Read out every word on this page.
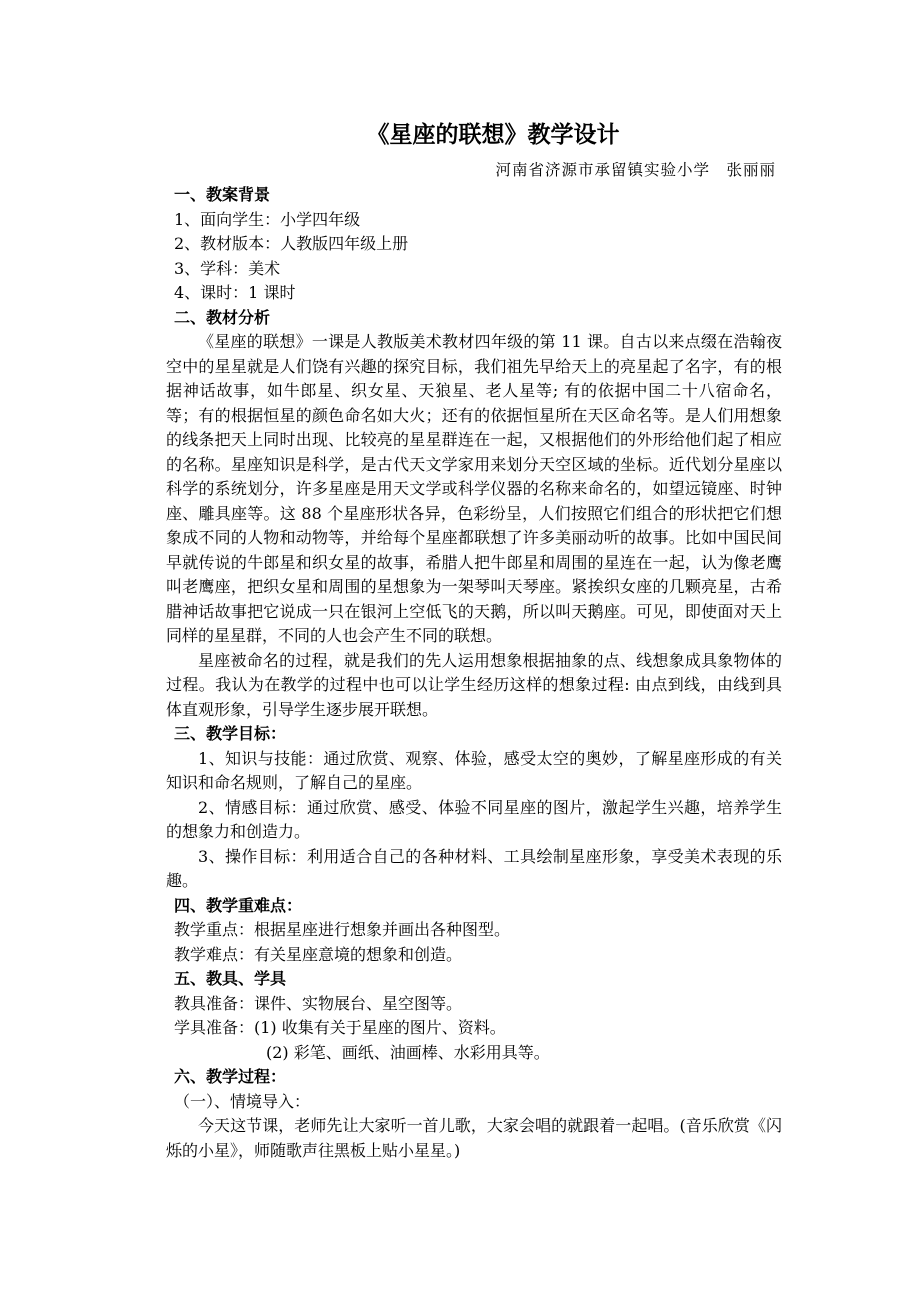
《星座的联想》教学设计
河南省济源市承留镇实验小学　张丽丽
一、教案背景
1、面向学生：小学四年级
2、教材版本：人教版四年级上册
3、学科：美术
4、课时：1 课时
二、教材分析

《星座的联想》一课是人教版美术教材四年级的第 11 课。自古以来点缀在浩翰夜空中的星星就是人们饶有兴趣的探究目标，我们祖先早给天上的亮星起了名字，有的根据神话故事，如牛郎星、织女星、天狼星、老人星等; 有的依据中国二十八宿命名，等；有的根据恒星的颜色命名如大火；还有的依据恒星所在天区命名等。是人们用想象的线条把天上同时出现、比较亮的星星群连在一起，又根据他们的外形给他们起了相应的名称。星座知识是科学，是古代天文学家用来划分天空区域的坐标。近代划分星座以科学的系统划分，许多星座是用天文学或科学仪器的名称来命名的，如望远镜座、时钟座、雕具座等。这 88 个星座形状各异，色彩纷呈，人们按照它们组合的形状把它们想象成不同的人物和动物等，并给每个星座都联想了许多美丽动听的故事。比如中国民间早就传说的牛郎星和织女星的故事，希腊人把牛郎星和周围的星连在一起，认为像老鹰叫老鹰座，把织女星和周围的星想象为一架琴叫天琴座。紧挨织女座的几颗亮星，古希腊神话故事把它说成一只在银河上空低飞的天鹅，所以叫天鹅座。可见，即使面对天上同样的星星群，不同的人也会产生不同的联想。

星座被命名的过程，就是我们的先人运用想象根据抽象的点、线想象成具象物体的过程。我认为在教学的过程中也可以让学生经历这样的想象过程: 由点到线，由线到具体直观形象，引导学生逐步展开联想。

三、教学目标：

1、知识与技能：通过欣赏、观察、体验，感受太空的奥妙，了解星座形成的有关知识和命名规则，了解自己的星座。

2、情感目标：通过欣赏、感受、体验不同星座的图片，激起学生兴趣，培养学生的想象力和创造力。

3、操作目标：利用适合自己的各种材料、工具绘制星座形象，享受美术表现的乐趣。

四、教学重难点：
教学重点：根据星座进行想象并画出各种图型。
教学难点：有关星座意境的想象和创造。
五、教具、学具
教具准备：课件、实物展台、星空图等。
学具准备：(1) 收集有关于星座的图片、资料。
(2) 彩笔、画纸、油画棒、水彩用具等。
六、教学过程：
（一）、情境导入：

今天这节课，老师先让大家听一首儿歌，大家会唱的就跟着一起唱。(音乐欣赏《闪烁的小星》，师随歌声往黑板上贴小星星。)
